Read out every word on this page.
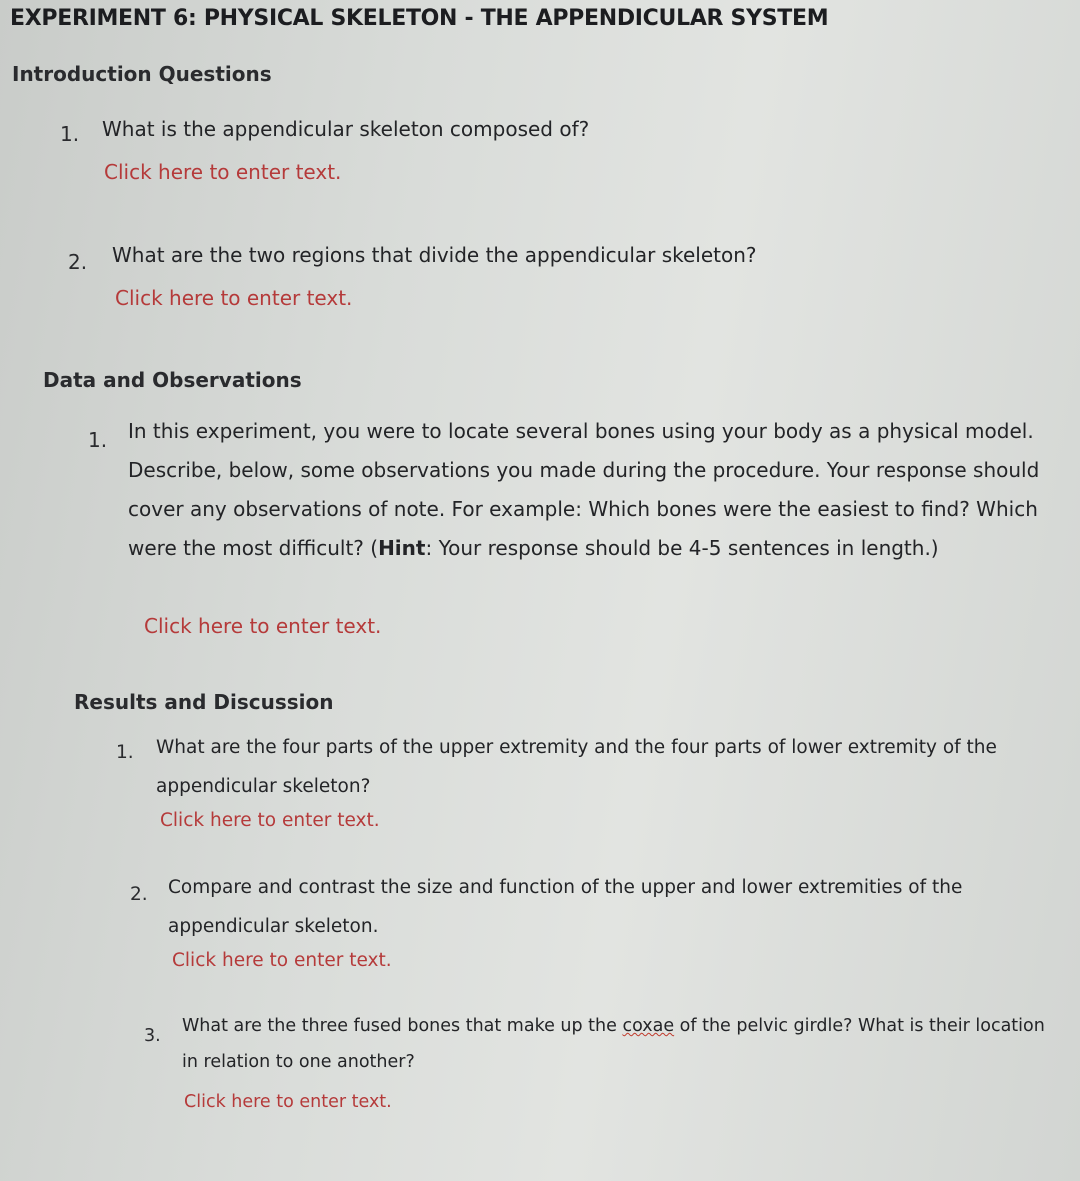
EXPERIMENT 6: PHYSICAL SKELETON - THE APPENDICULAR SYSTEM
Introduction Questions
1. What is the appendicular skeleton composed of?
Click here to enter text.
2. What are the two regions that divide the appendicular skeleton?
Click here to enter text.
Data and Observations
1. In this experiment, you were to locate several bones using your body as a physical model. Describe, below, some observations you made during the procedure. Your response should cover any observations of note. For example: Which bones were the easiest to find? Which were the most difficult? (Hint: Your response should be 4-5 sentences in length.)
Click here to enter text.
Results and Discussion
1. What are the four parts of the upper extremity and the four parts of lower extremity of the appendicular skeleton?
Click here to enter text.
2. Compare and contrast the size and function of the upper and lower extremities of the appendicular skeleton.
Click here to enter text.
3. What are the three fused bones that make up the coxae of the pelvic girdle? What is their location in relation to one another?
Click here to enter text.
